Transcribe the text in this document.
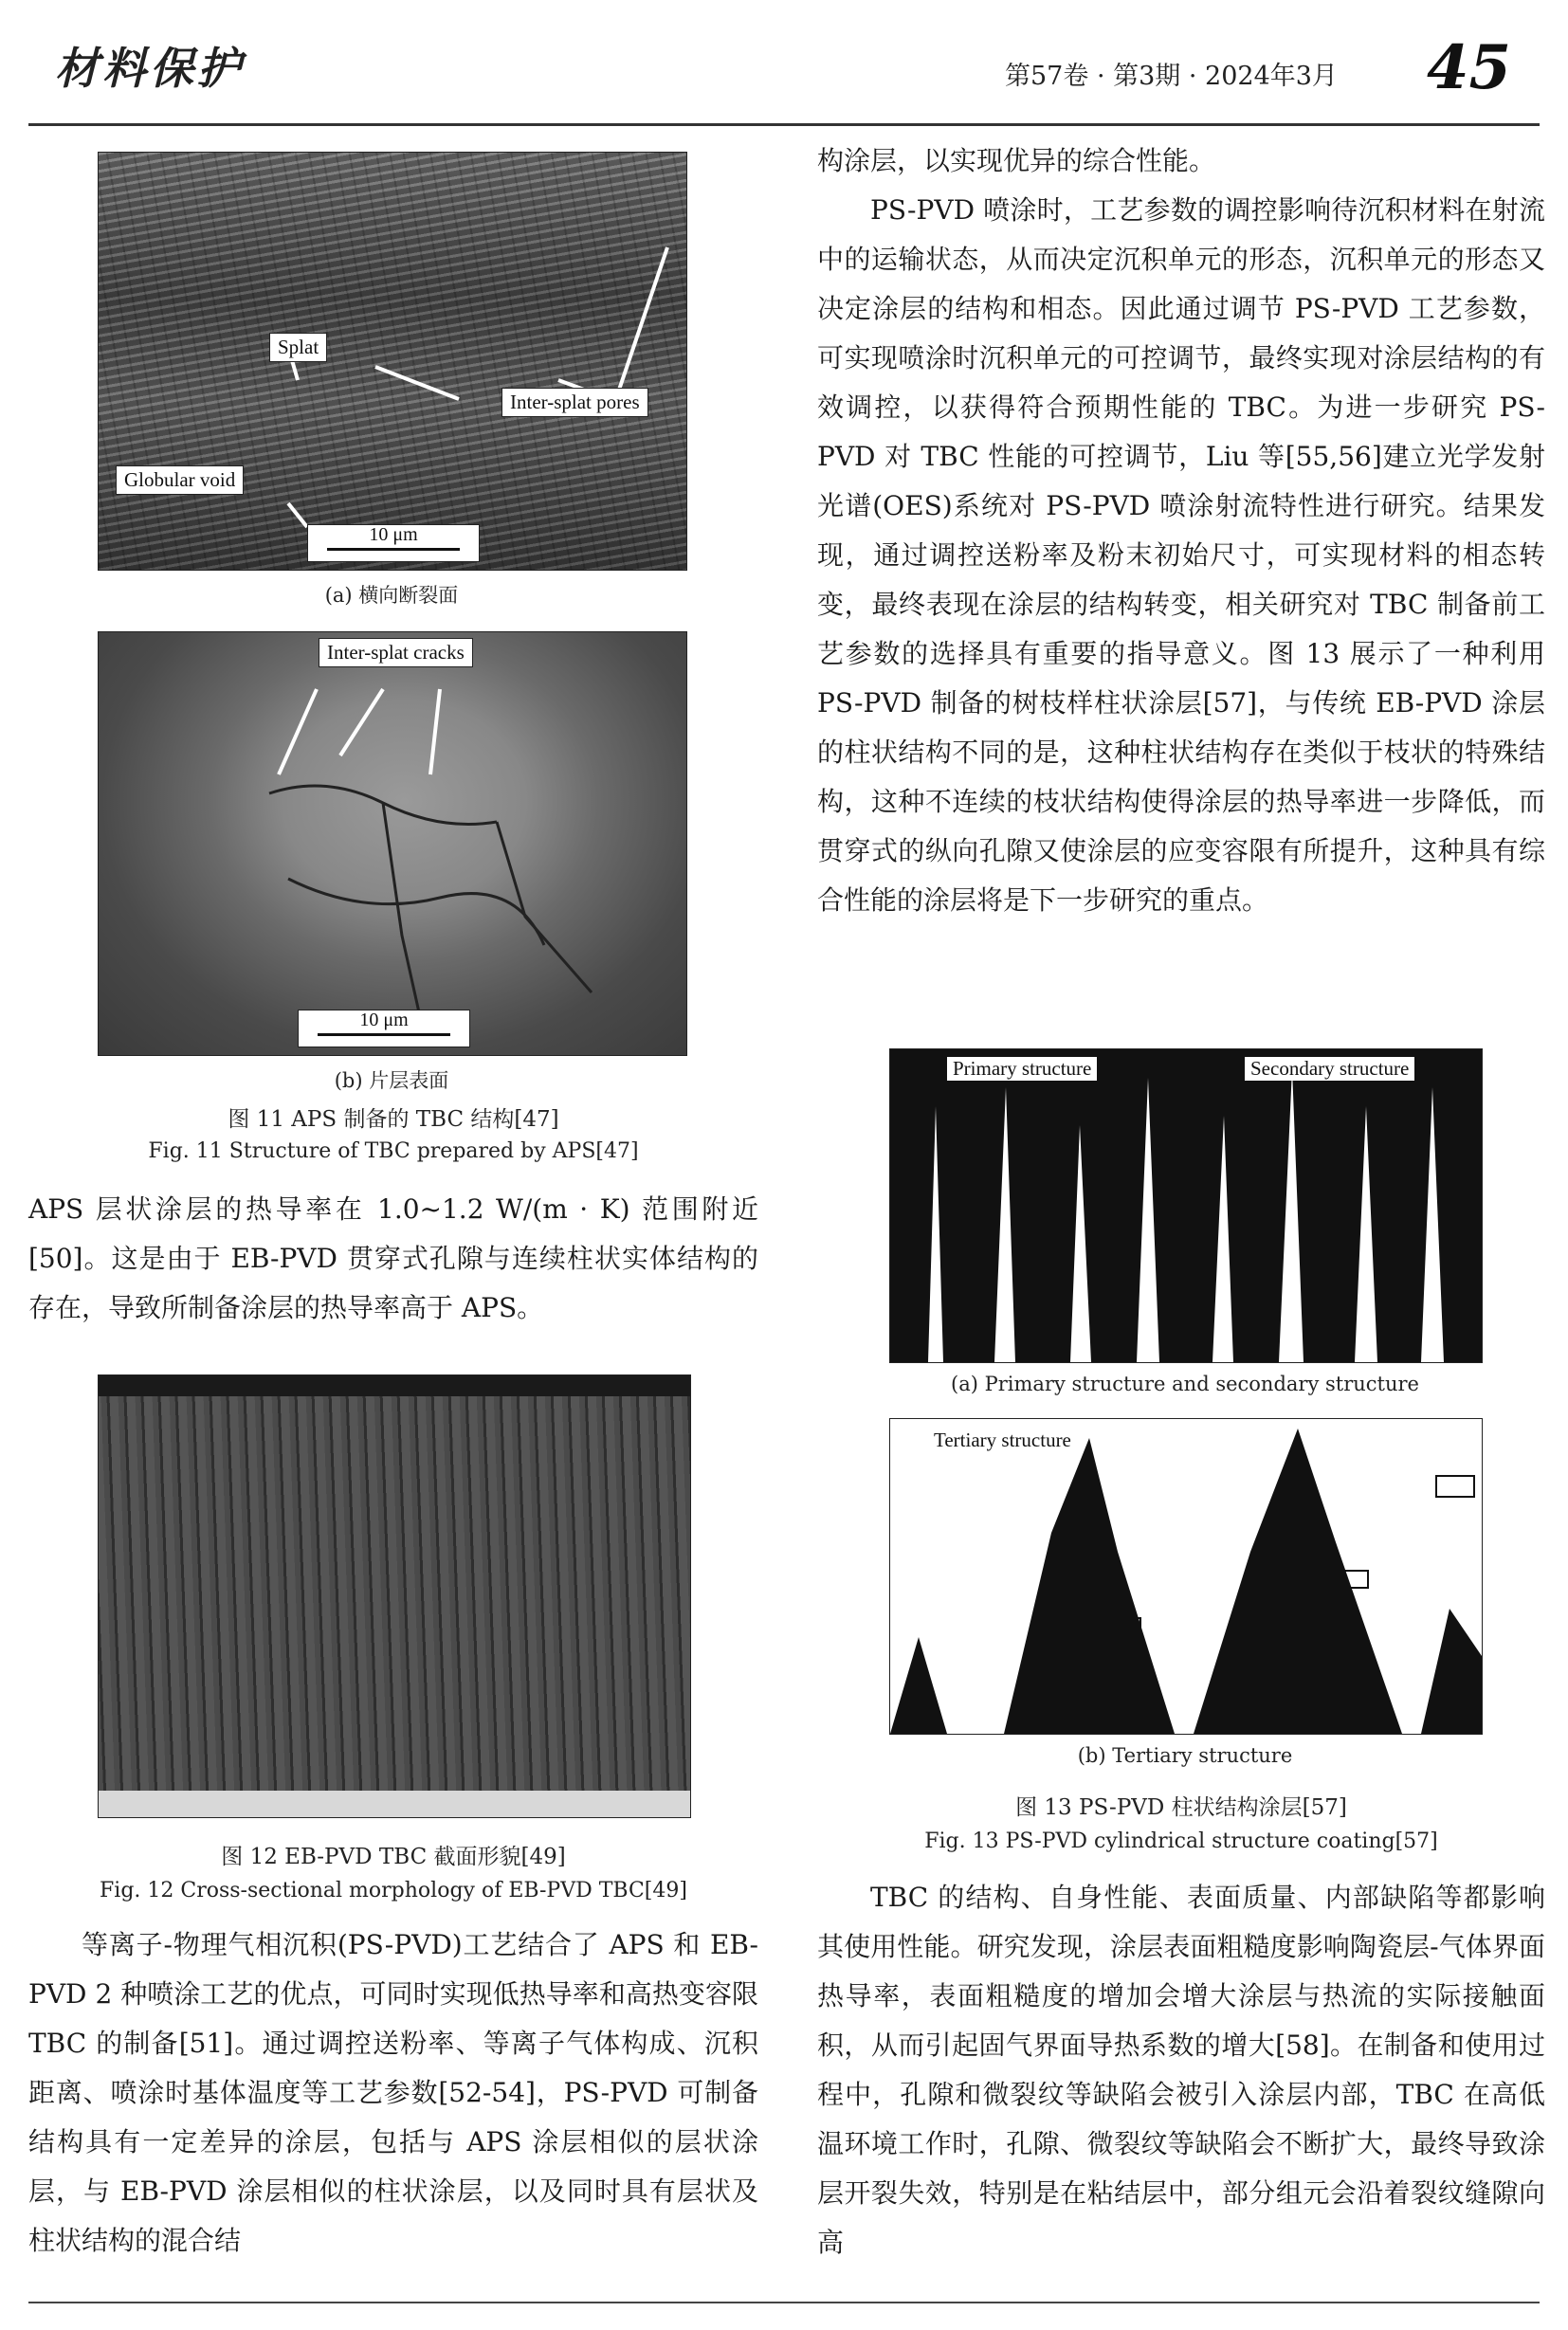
材料保护	第57卷 · 第3期 · 2024年3月 45
Splat
Inter-splat pores
Globular void
10 μm
(a) 横向断裂面
Inter-splat cracks
10 μm
(b) 片层表面
图 11 APS 制备的 TBC 结构[47]
Fig. 11 Structure of TBC prepared by APS[47]
APS 层状涂层的热导率在 1.0~1.2 W/(m · K) 范围附近[50]。这是由于 EB-PVD 贯穿式孔隙与连续柱状实体结构的存在，导致所制备涂层的热导率高于 APS。
图 12 EB-PVD TBC 截面形貌[49]
Fig. 12 Cross-sectional morphology of EB-PVD TBC[49]
等离子-物理气相沉积(PS-PVD)工艺结合了 APS 和 EB-PVD 2 种喷涂工艺的优点，可同时实现低热导率和高热变容限 TBC 的制备[51]。通过调控送粉率、等离子气体构成、沉积距离、喷涂时基体温度等工艺参数[52-54]，PS-PVD 可制备结构具有一定差异的涂层，包括与 APS 涂层相似的层状涂层，与 EB-PVD 涂层相似的柱状涂层，以及同时具有层状及柱状结构的混合结
构涂层，以实现优异的综合性能。
PS-PVD 喷涂时，工艺参数的调控影响待沉积材料在射流中的运输状态，从而决定沉积单元的形态，沉积单元的形态又决定涂层的结构和相态。因此通过调节 PS-PVD 工艺参数，可实现喷涂时沉积单元的可控调节，最终实现对涂层结构的有效调控，以获得符合预期性能的 TBC。为进一步研究 PS-PVD 对 TBC 性能的可控调节，Liu 等[55,56]建立光学发射光谱(OES)系统对 PS-PVD 喷涂射流特性进行研究。结果发现，通过调控送粉率及粉末初始尺寸，可实现材料的相态转变，最终表现在涂层的结构转变，相关研究对 TBC 制备前工艺参数的选择具有重要的指导意义。图 13 展示了一种利用 PS-PVD 制备的树枝样柱状涂层[57]，与传统 EB-PVD 涂层的柱状结构不同的是，这种柱状结构存在类似于枝状的特殊结构，这种不连续的枝状结构使得涂层的热导率进一步降低，而贯穿式的纵向孔隙又使涂层的应变容限有所提升，这种具有综合性能的涂层将是下一步研究的重点。
Primary structure	Secondary structure
(a) Primary structure and secondary structure
Tertiary structure
(b) Tertiary structure
图 13 PS-PVD 柱状结构涂层[57]
Fig. 13 PS-PVD cylindrical structure coating[57]
TBC 的结构、自身性能、表面质量、内部缺陷等都影响其使用性能。研究发现，涂层表面粗糙度影响陶瓷层-气体界面热导率，表面粗糙度的增加会增大涂层与热流的实际接触面积，从而引起固气界面导热系数的增大[58]。在制备和使用过程中，孔隙和微裂纹等缺陷会被引入涂层内部，TBC 在高低温环境工作时，孔隙、微裂纹等缺陷会不断扩大，最终导致涂层开裂失效，特别是在粘结层中，部分组元会沿着裂纹缝隙向高
